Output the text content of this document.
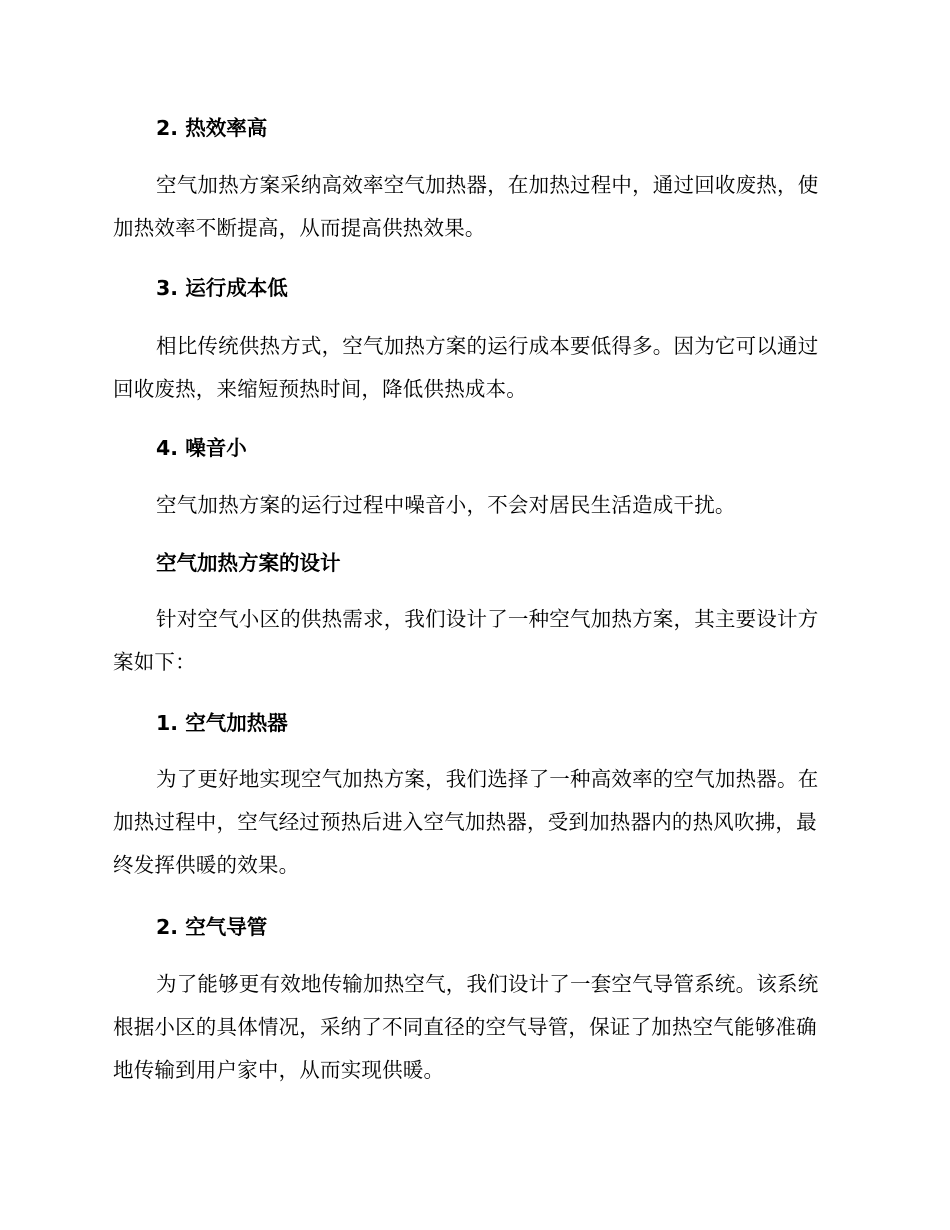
2. 热效率高

空气加热方案采纳高效率空气加热器，在加热过程中，通过回收废热，使加热效率不断提高，从而提高供热效果。

3. 运行成本低

相比传统供热方式，空气加热方案的运行成本要低得多。因为它可以通过回收废热，来缩短预热时间，降低供热成本。

4. 噪音小

空气加热方案的运行过程中噪音小，不会对居民生活造成干扰。

空气加热方案的设计

针对空气小区的供热需求，我们设计了一种空气加热方案，其主要设计方案如下：

1. 空气加热器

为了更好地实现空气加热方案，我们选择了一种高效率的空气加热器。在加热过程中，空气经过预热后进入空气加热器，受到加热器内的热风吹拂，最终发挥供暖的效果。

2. 空气导管

为了能够更有效地传输加热空气，我们设计了一套空气导管系统。该系统根据小区的具体情况，采纳了不同直径的空气导管，保证了加热空气能够准确地传输到用户家中，从而实现供暖。
